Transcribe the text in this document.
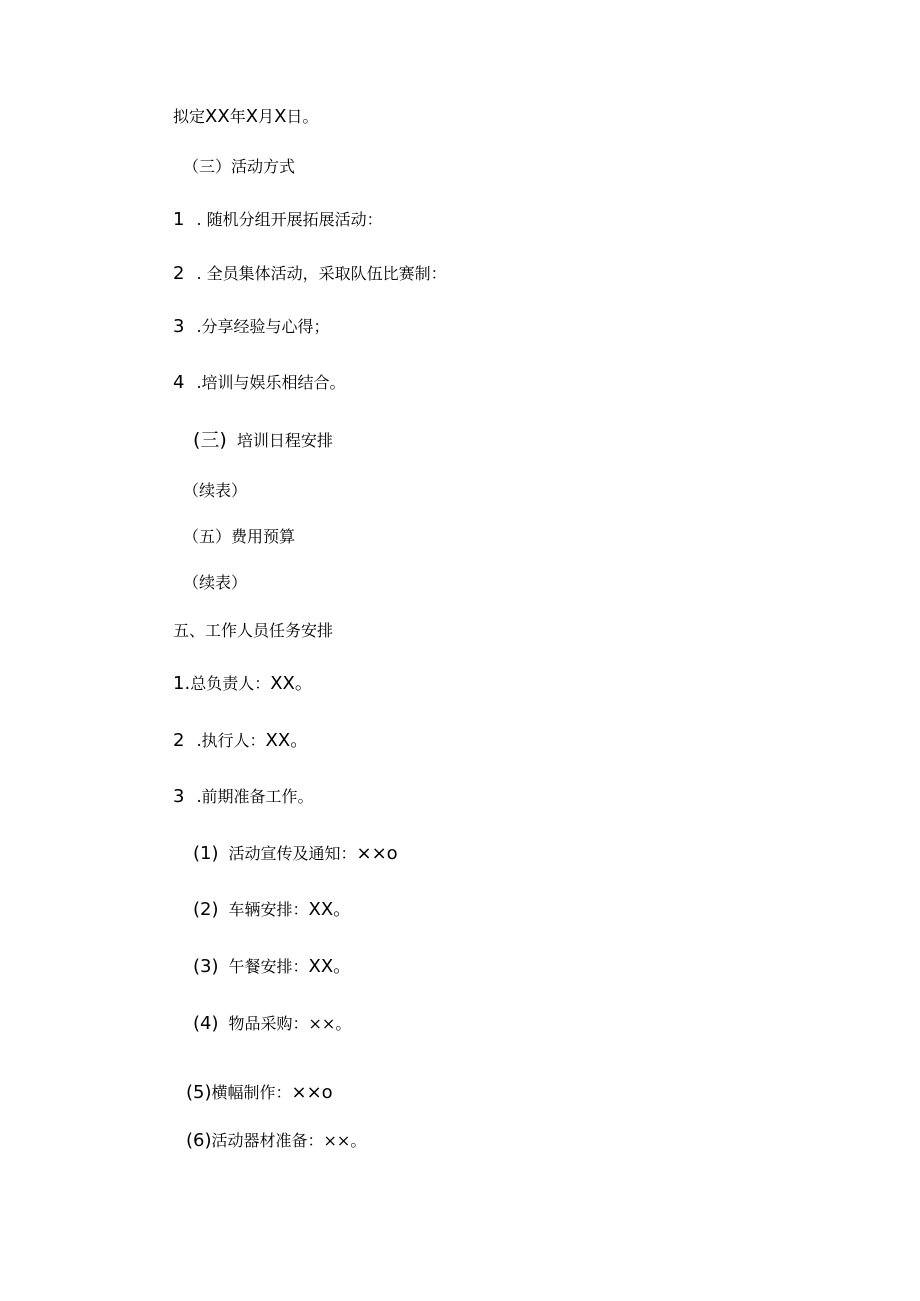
拟定XX年X月X日。
（三）活动方式
1 . 随机分组开展拓展活动：
2 . 全员集体活动，采取队伍比赛制：
3 .分享经验与心得；
4 .培训与娱乐相结合。
(三) 培训日程安排
（续表）
（五）费用预算
（续表）
五、工作人员任务安排
1.总负责人：XX。
2 .执行人：XX。
3 .前期准备工作。
(1) 活动宣传及通知：××o
(2) 车辆安排：XX。
(3) 午餐安排：XX。
(4) 物品采购：××。
(5)横幅制作：××o
(6)活动器材准备：××。
